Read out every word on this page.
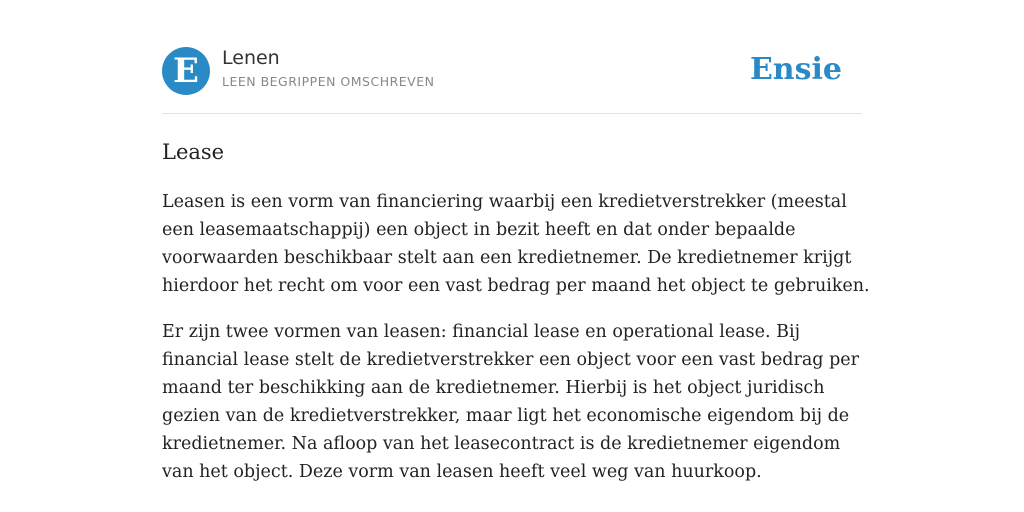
E	Lenen
LEEN BEGRIPPEN OMSCHREVEN	Ensie
Lease

Leasen is een vorm van financiering waarbij een kredietverstrekker (meestal een leasemaatschappij) een object in bezit heeft en dat onder bepaalde voorwaarden beschikbaar stelt aan een kredietnemer. De kredietnemer krijgt hierdoor het recht om voor een vast bedrag per maand het object te gebruiken.

Er zijn twee vormen van leasen: financial lease en operational lease. Bij financial lease stelt de kredietverstrekker een object voor een vast bedrag per maand ter beschikking aan de kredietnemer. Hierbij is het object juridisch gezien van de kredietverstrekker, maar ligt het economische eigendom bij de kredietnemer. Na afloop van het leasecontract is de kredietnemer eigendom van het object. Deze vorm van leasen heeft veel weg van huurkoop.
